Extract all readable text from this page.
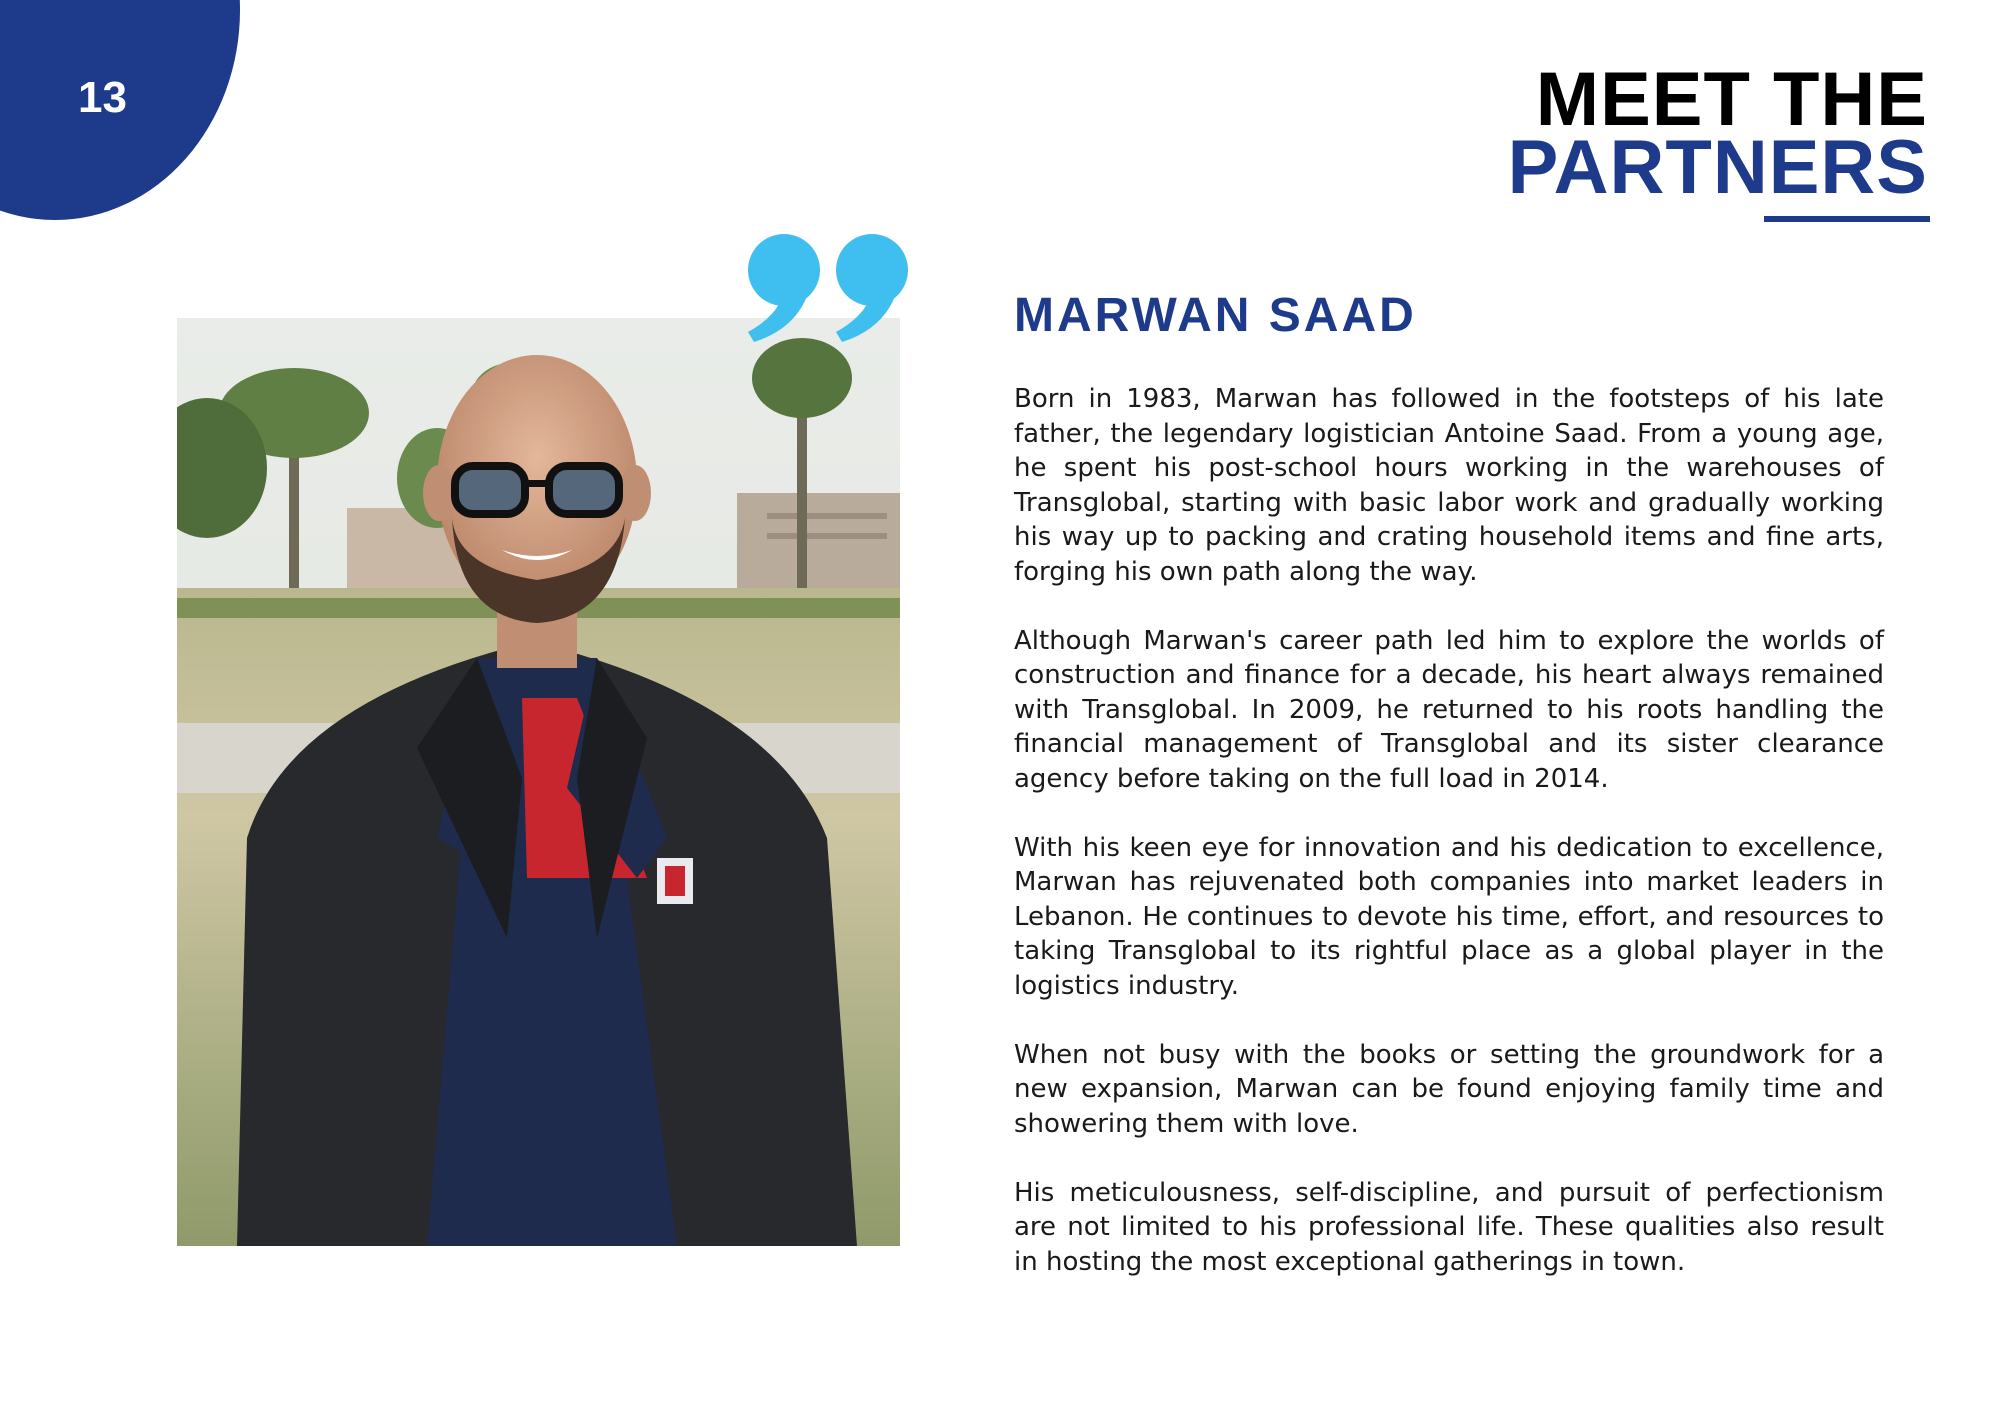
13	MEET THE
PARTNERS
MARWAN SAAD

Born in 1983, Marwan has followed in the footsteps of his late father, the legendary logistician Antoine Saad. From a young age, he spent his post-school hours working in the warehouses of Transglobal, starting with basic labor work and gradually working his way up to packing and crating household items and fine arts, forging his own path along the way.

Although Marwan's career path led him to explore the worlds of construction and finance for a decade, his heart always remained with Transglobal. In 2009, he returned to his roots handling the financial management of Transglobal and its sister clearance agency before taking on the full load in 2014.

With his keen eye for innovation and his dedication to excellence, Marwan has rejuvenated both companies into market leaders in Lebanon. He continues to devote his time, effort, and resources to taking Transglobal to its rightful place as a global player in the logistics industry.

When not busy with the books or setting the groundwork for a new expansion, Marwan can be found enjoying family time and showering them with love.

His meticulousness, self-discipline, and pursuit of perfectionism are not limited to his professional life. These qualities also result in hosting the most exceptional gatherings in town.
